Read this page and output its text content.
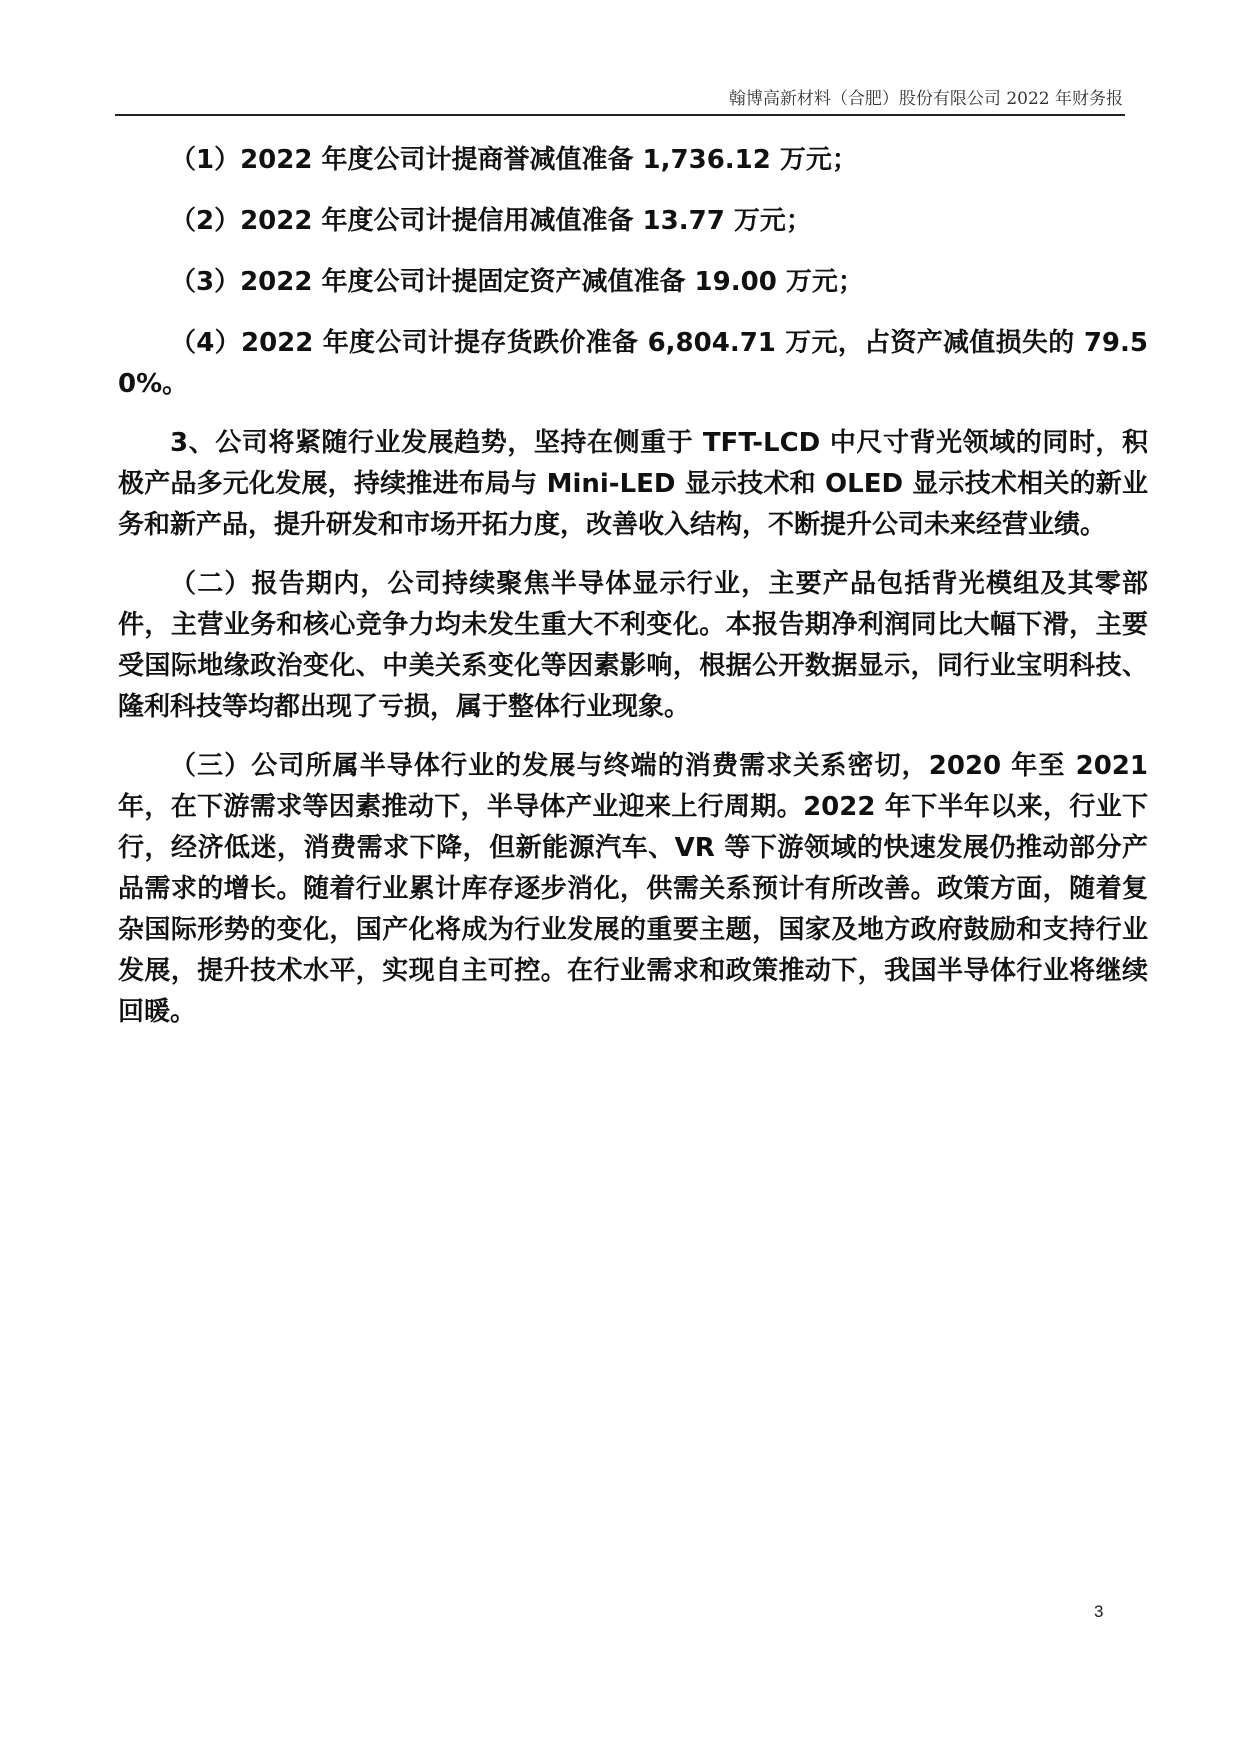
翰博高新材料（合肥）股份有限公司 2022 年财务报

（1）2022 年度公司计提商誉减值准备 1,736.12 万元；

（2）2022 年度公司计提信用减值准备 13.77 万元；

（3）2022 年度公司计提固定资产减值准备 19.00 万元；

（4）2022 年度公司计提存货跌价准备 6,804.71 万元，占资产减值损失的 79.50%。

3、公司将紧随行业发展趋势，坚持在侧重于 TFT-LCD 中尺寸背光领域的同时，积极产品多元化发展，持续推进布局与 Mini-LED 显示技术和 OLED 显示技术相关的新业务和新产品，提升研发和市场开拓力度，改善收入结构，不断提升公司未来经营业绩。

（二）报告期内，公司持续聚焦半导体显示行业，主要产品包括背光模组及其零部件，主营业务和核心竞争力均未发生重大不利变化。本报告期净利润同比大幅下滑，主要受国际地缘政治变化、中美关系变化等因素影响，根据公开数据显示，同行业宝明科技、隆利科技等均都出现了亏损，属于整体行业现象。

（三）公司所属半导体行业的发展与终端的消费需求关系密切，2020 年至 2021 年，在下游需求等因素推动下，半导体产业迎来上行周期。2022 年下半年以来，行业下行，经济低迷，消费需求下降，但新能源汽车、VR 等下游领域的快速发展仍推动部分产品需求的增长。随着行业累计库存逐步消化，供需关系预计有所改善。政策方面，随着复杂国际形势的变化，国产化将成为行业发展的重要主题，国家及地方政府鼓励和支持行业发展，提升技术水平，实现自主可控。在行业需求和政策推动下，我国半导体行业将继续回暖。

3
